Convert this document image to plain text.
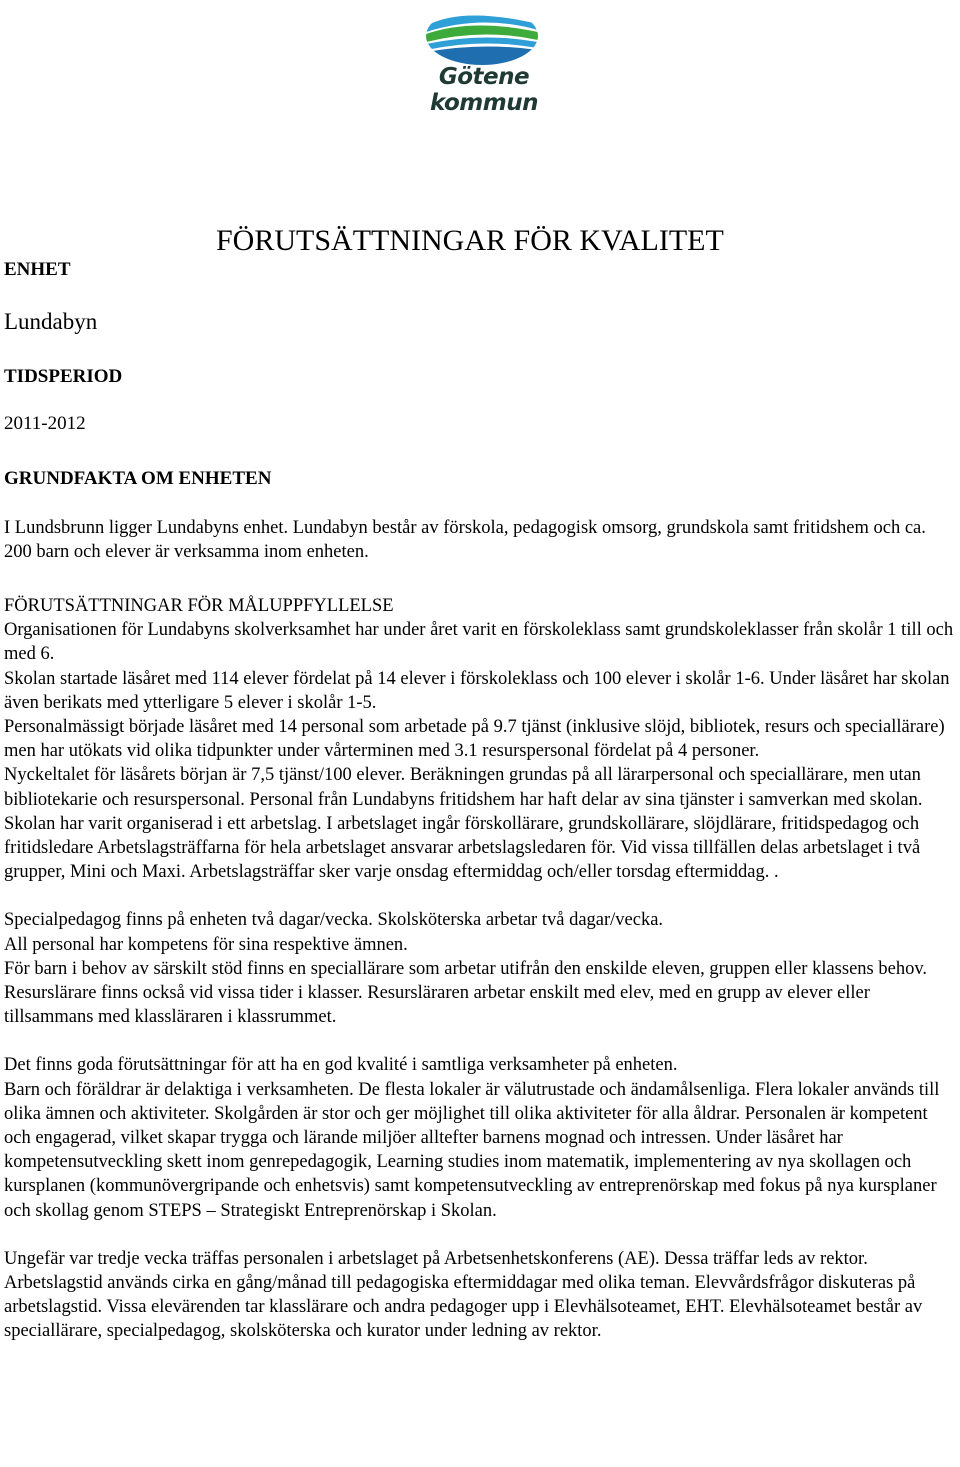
Götene kommun
FÖRUTSÄTTNINGAR FÖR KVALITET
ENHET
Lundabyn
TIDSPERIOD
2011-2012
GRUNDFAKTA OM ENHETEN

I Lundsbrunn ligger Lundabyns enhet. Lundabyn består av förskola, pedagogisk omsorg, grundskola samt fritidshem och ca. 200 barn och elever är verksamma inom enheten.

FÖRUTSÄTTNINGAR FÖR MÅLUPPFYLLELSE

Organisationen för Lundabyns skolverksamhet har under året varit en förskoleklass samt grundskoleklasser från skolår 1 till och med 6.

Skolan startade läsåret med 114 elever fördelat på 14 elever i förskoleklass och 100 elever i skolår 1-6. Under läsåret har skolan även berikats med ytterligare 5 elever i skolår 1-5.

Personalmässigt började läsåret med 14 personal som arbetade på 9.7 tjänst (inklusive slöjd, bibliotek, resurs och speciallärare) men har utökats vid olika tidpunkter under vårterminen med 3.1 resurspersonal fördelat på 4 personer.

Nyckeltalet för läsårets början är 7,5 tjänst/100 elever. Beräkningen grundas på all lärarpersonal och speciallärare, men utan bibliotekarie och resurspersonal. Personal från Lundabyns fritidshem har haft delar av sina tjänster i samverkan med skolan.

Skolan har varit organiserad i ett arbetslag. I arbetslaget ingår förskollärare, grundskollärare, slöjdlärare, fritidspedagog och fritidsledare Arbetslagsträffarna för hela arbetslaget ansvarar arbetslagsledaren för. Vid vissa tillfällen delas arbetslaget i två grupper, Mini och Maxi. Arbetslagsträffar sker varje onsdag eftermiddag och/eller torsdag eftermiddag. .

Specialpedagog finns på enheten två dagar/vecka. Skolsköterska arbetar två dagar/vecka.

All personal har kompetens för sina respektive ämnen.

För barn i behov av särskilt stöd finns en speciallärare som arbetar utifrån den enskilde eleven, gruppen eller klassens behov. Resurslärare finns också vid vissa tider i klasser. Resursläraren arbetar enskilt med elev, med en grupp av elever eller tillsammans med klassläraren i klassrummet.

Det finns goda förutsättningar för att ha en god kvalité i samtliga verksamheter på enheten.

Barn och föräldrar är delaktiga i verksamheten. De flesta lokaler är välutrustade och ändamålsenliga. Flera lokaler används till olika ämnen och aktiviteter. Skolgården är stor och ger möjlighet till olika aktiviteter för alla åldrar. Personalen är kompetent och engagerad, vilket skapar trygga och lärande miljöer alltefter barnens mognad och intressen. Under läsåret har kompetensutveckling skett inom genrepedagogik, Learning studies inom matematik, implementering av nya skollagen och kursplanen (kommunövergripande och enhetsvis) samt kompetensutveckling av entreprenörskap med fokus på nya kursplaner och skollag genom STEPS – Strategiskt Entreprenörskap i Skolan.

Ungefär var tredje vecka träffas personalen i arbetslaget på Arbetsenhetskonferens (AE). Dessa träffar leds av rektor. Arbetslagstid används cirka en gång/månad till pedagogiska eftermiddagar med olika teman. Elevvårdsfrågor diskuteras på arbetslagstid. Vissa elevärenden tar klasslärare och andra pedagoger upp i Elevhälsoteamet, EHT. Elevhälsoteamet består av speciallärare, specialpedagog, skolsköterska och kurator under ledning av rektor.
